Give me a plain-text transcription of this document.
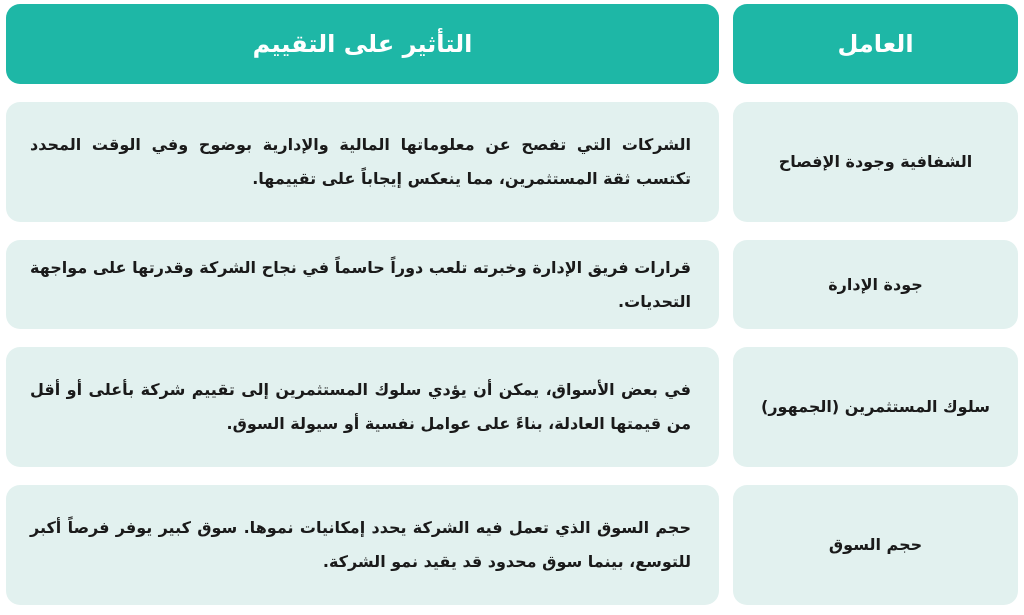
العامل
التأثير على التقييم
الشفافية وجودة الإفصاح
الشركات التي تفصح عن معلوماتها المالية والإدارية بوضوح وفي الوقت المحدد تكتسب ثقة المستثمرين، مما ينعكس إيجاباً على تقييمها.
جودة الإدارة
قرارات فريق الإدارة وخبرته تلعب دوراً حاسماً في نجاح الشركة وقدرتها على مواجهة التحديات.
سلوك المستثمرين (الجمهور)
في بعض الأسواق، يمكن أن يؤدي سلوك المستثمرين إلى تقييم شركة بأعلى أو أقل من قيمتها العادلة، بناءً على عوامل نفسية أو سيولة السوق.
حجم السوق
حجم السوق الذي تعمل فيه الشركة يحدد إمكانيات نموها. سوق كبير يوفر فرصاً أكبر للتوسع، بينما سوق محدود قد يقيد نمو الشركة.
